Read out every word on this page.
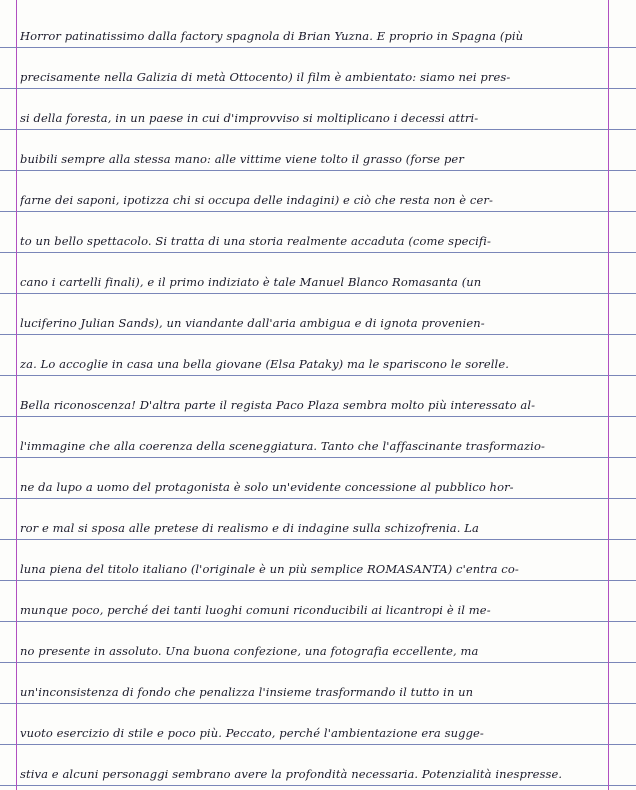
Horror patinatissimo dalla factory spagnola di Brian Yuzna. E proprio in Spagna (più
precisamente nella Galizia di metà Ottocento) il film è ambientato: siamo nei pres-
si della foresta, in un paese in cui d'improvviso si moltiplicano i decessi attri-
buibili sempre alla stessa mano: alle vittime viene tolto il grasso (forse per
farne dei saponi, ipotizza chi si occupa delle indagini) e ciò che resta non è cer-
to un bello spettacolo. Si tratta di una storia realmente accaduta (come specifi-
cano i cartelli finali), e il primo indiziato è tale Manuel Blanco Romasanta (un
luciferino Julian Sands), un viandante dall'aria ambigua e di ignota provenien-
za. Lo accoglie in casa una bella giovane (Elsa Pataky) ma le spariscono le sorelle.
Bella riconoscenza! D'altra parte il regista Paco Plaza sembra molto più interessato al-
l'immagine che alla coerenza della sceneggiatura. Tanto che l'affascinante trasformazio-
ne da lupo a uomo del protagonista è solo un'evidente concessione al pubblico hor-
ror e mal si sposa alle pretese di realismo e di indagine sulla schizofrenia. La
luna piena del titolo italiano (l'originale è un più semplice ROMASANTA) c'entra co-
munque poco, perché dei tanti luoghi comuni riconducibili ai licantropi è il me-
no presente in assoluto. Una buona confezione, una fotografia eccellente, ma
un'inconsistenza di fondo che penalizza l'insieme trasformando il tutto in un
vuoto esercizio di stile e poco più. Peccato, perché l'ambientazione era sugge-
stiva e alcuni personaggi sembrano avere la profondità necessaria. Potenzialità inespresse.
